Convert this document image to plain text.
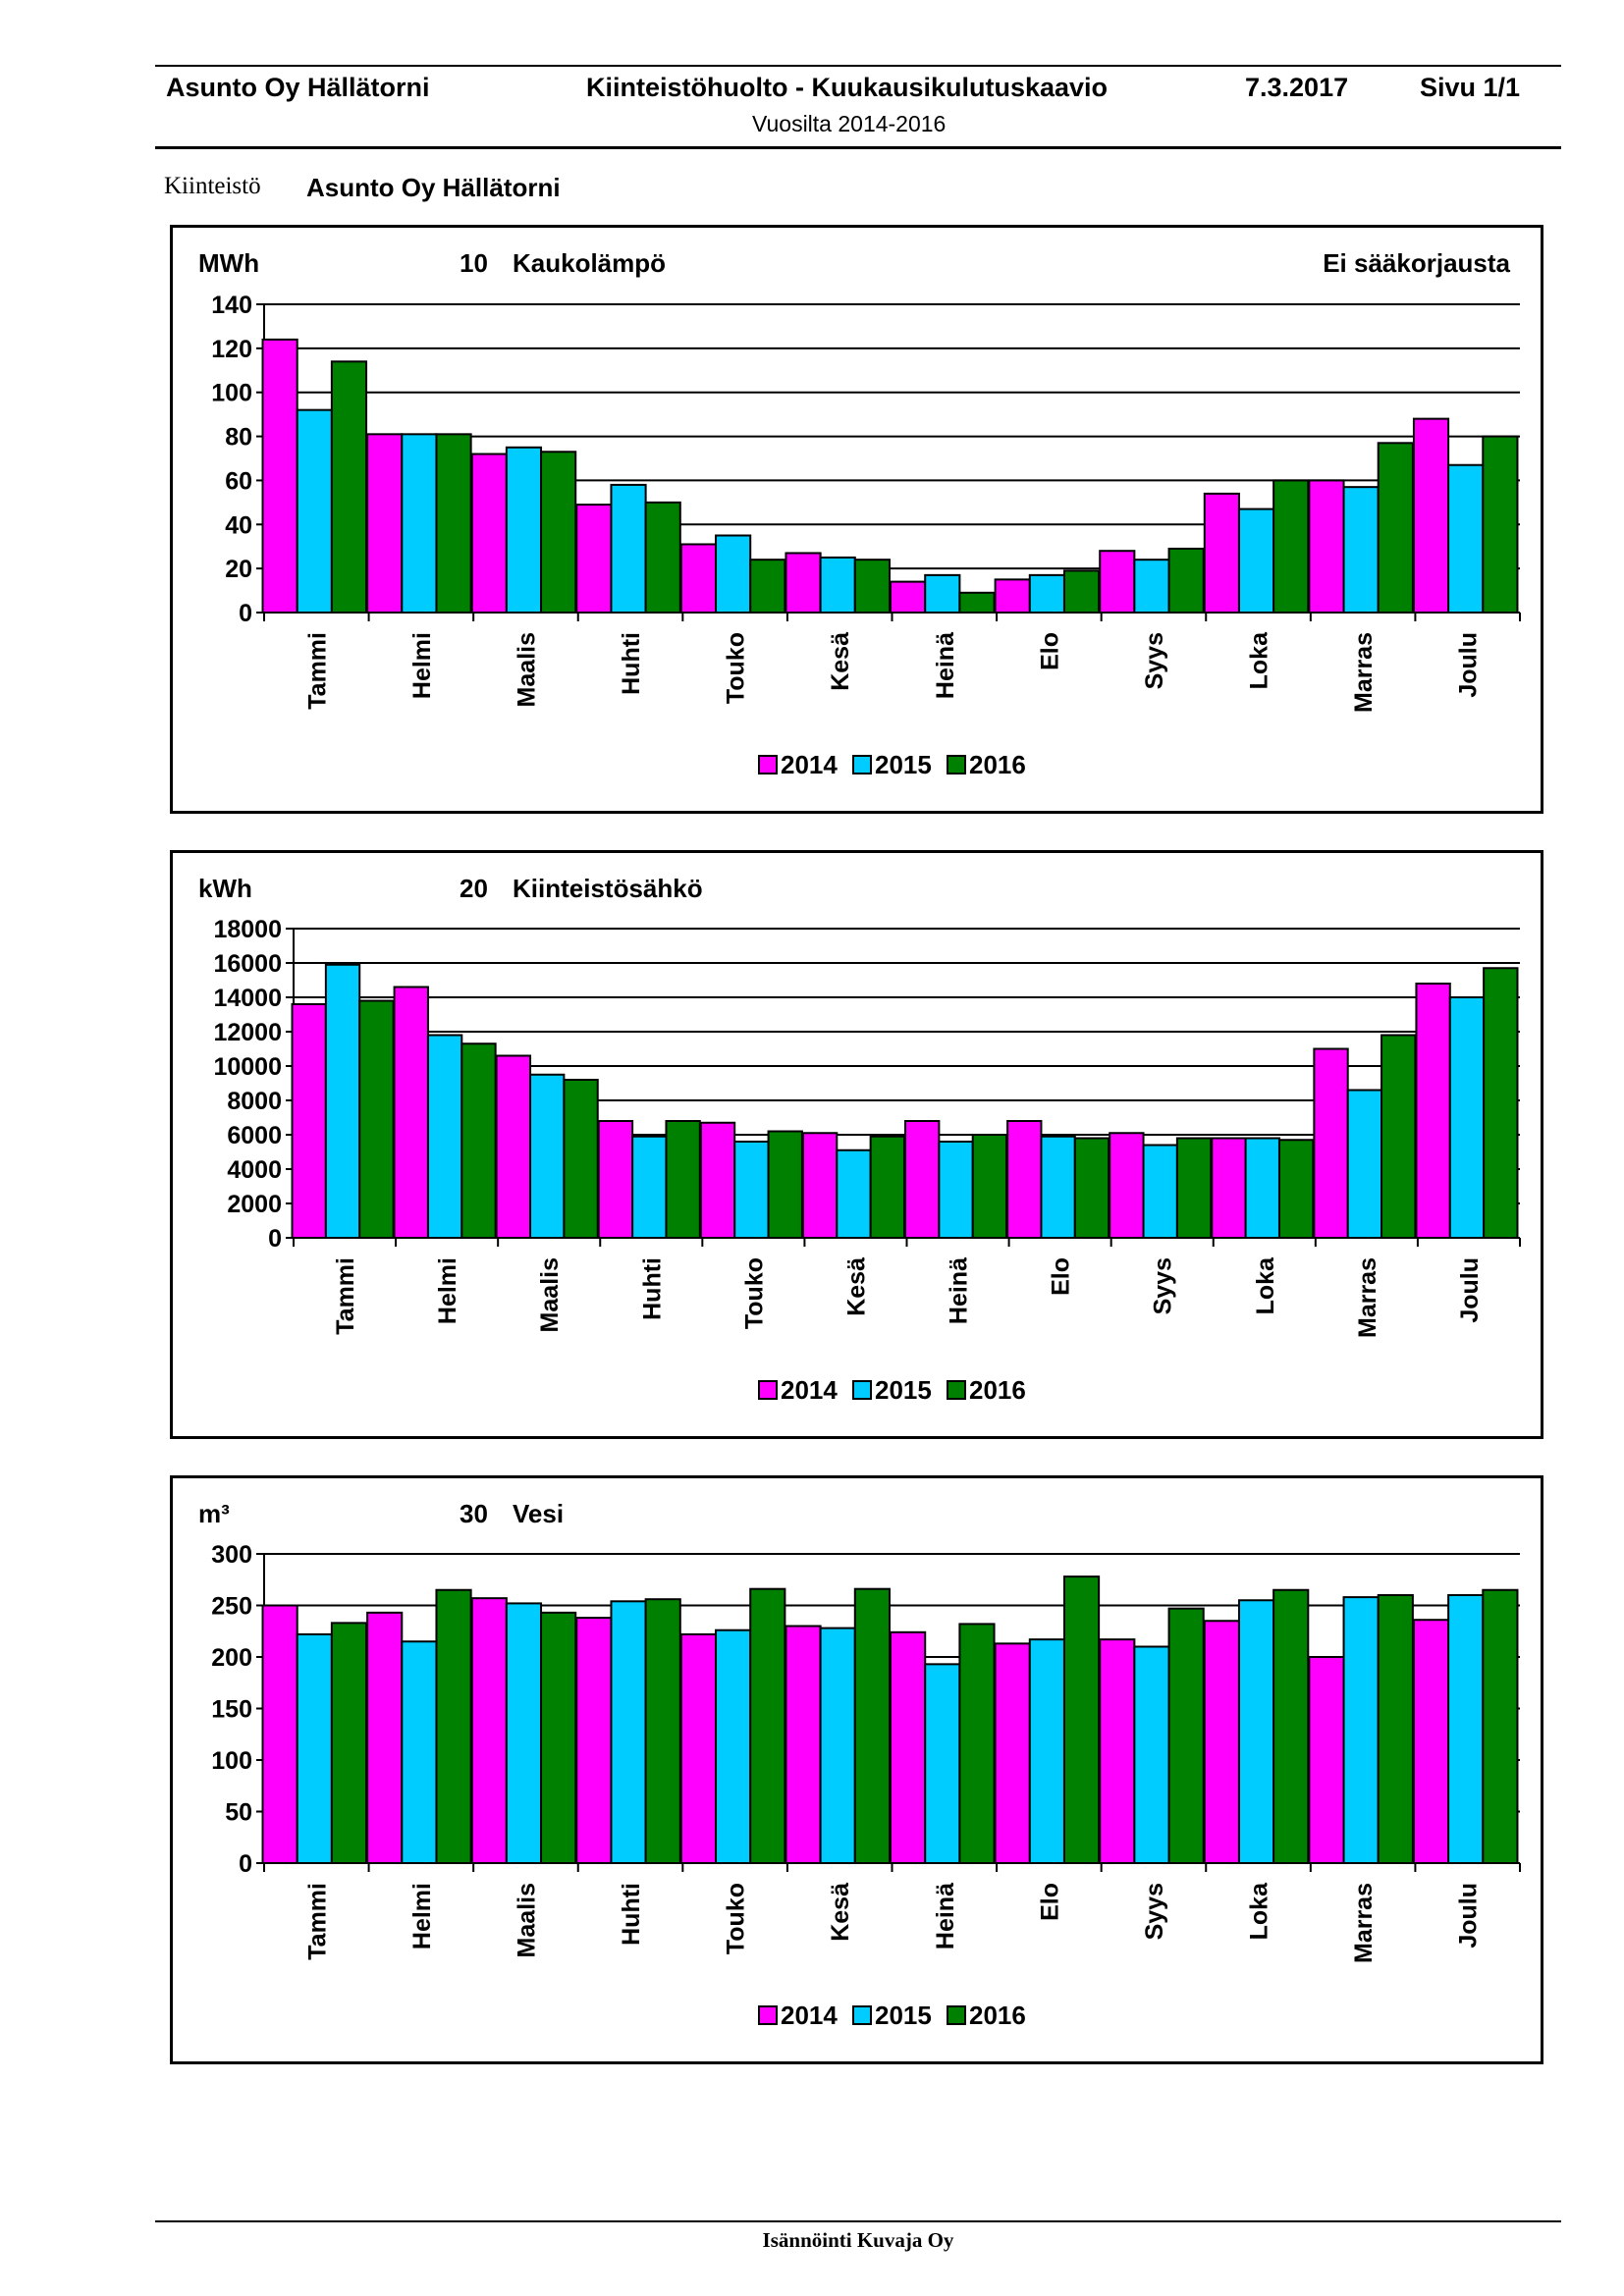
Asunto Oy Hällätorni	Kiinteistöhuolto - Kuukausikulutuskaavio	7.3.2017	Sivu 1/1
Vuosilta 2014-2016
Kiinteistö Asunto Oy Hällätorni
MWh	10 Kaukolämpö	Ei sääkorjausta
0
20
40
60
80
100
120
140
Tammi	Helmi	Maalis	Huhti	Touko	Kesä	Heinä	Elo	Syys	Loka	Marras	Joulu
2014 2015 2016
kWh	20 Kiinteistösähkö
0
2000
4000
6000
8000
10000
12000
14000
16000
18000
Tammi	Helmi	Maalis	Huhti	Touko	Kesä	Heinä	Elo	Syys	Loka	Marras	Joulu
2014 2015 2016
m³	30 Vesi
0
50
100
150
200
250
300
Tammi	Helmi	Maalis	Huhti	Touko	Kesä	Heinä	Elo	Syys	Loka	Marras	Joulu
2014 2015 2016
Isännöinti Kuvaja Oy
